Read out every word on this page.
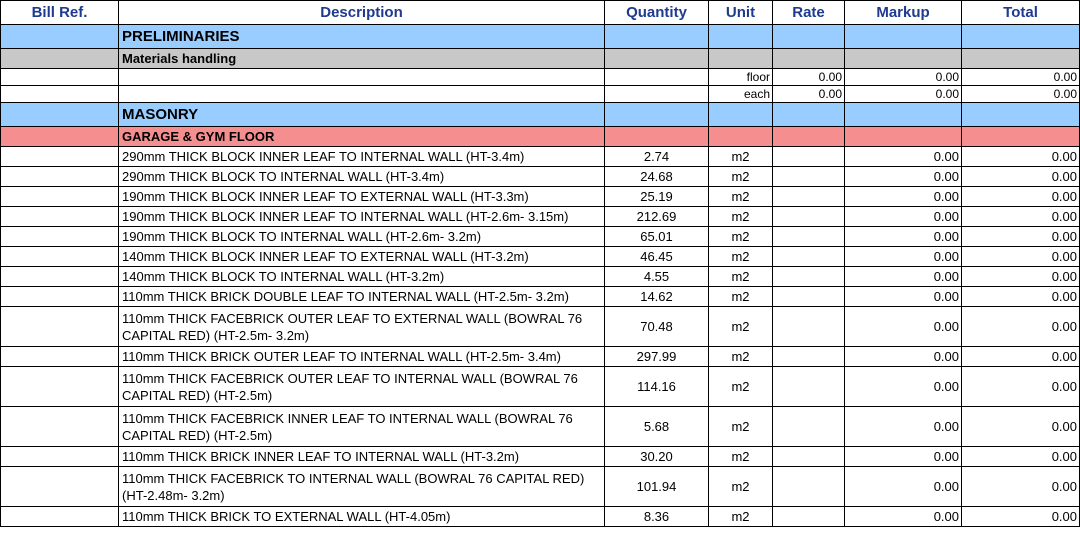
Bill Ref.	Description	Quantity	Unit	Rate	Markup	Total
	PRELIMINARIES					
	Materials handling					
			floor	0.00	0.00	0.00
			each	0.00	0.00	0.00
	MASONRY					
	GARAGE & GYM FLOOR					
	290mm THICK BLOCK INNER LEAF TO INTERNAL WALL (HT-3.4m)	2.74	m2		0.00	0.00
	290mm THICK BLOCK TO INTERNAL WALL (HT-3.4m)	24.68	m2		0.00	0.00
	190mm THICK BLOCK INNER LEAF TO EXTERNAL WALL (HT-3.3m)	25.19	m2		0.00	0.00
	190mm THICK BLOCK INNER LEAF TO INTERNAL WALL (HT-2.6m- 3.15m)	212.69	m2		0.00	0.00
	190mm THICK BLOCK TO INTERNAL WALL (HT-2.6m- 3.2m)	65.01	m2		0.00	0.00
	140mm THICK BLOCK INNER LEAF TO EXTERNAL WALL (HT-3.2m)	46.45	m2		0.00	0.00
	140mm THICK BLOCK TO INTERNAL WALL (HT-3.2m)	4.55	m2		0.00	0.00
	110mm THICK BRICK DOUBLE LEAF TO INTERNAL WALL (HT-2.5m- 3.2m)	14.62	m2		0.00	0.00
	110mm THICK FACEBRICK OUTER LEAF TO EXTERNAL WALL (BOWRAL 76 CAPITAL RED) (HT-2.5m- 3.2m)	70.48	m2		0.00	0.00
	110mm THICK BRICK OUTER LEAF TO INTERNAL WALL (HT-2.5m- 3.4m)	297.99	m2		0.00	0.00
	110mm THICK FACEBRICK OUTER LEAF TO INTERNAL WALL (BOWRAL 76 CAPITAL RED) (HT-2.5m)	114.16	m2		0.00	0.00
	110mm THICK FACEBRICK INNER LEAF TO INTERNAL WALL (BOWRAL 76 CAPITAL RED) (HT-2.5m)	5.68	m2		0.00	0.00
	110mm THICK BRICK INNER LEAF TO INTERNAL WALL (HT-3.2m)	30.20	m2		0.00	0.00
	110mm THICK FACEBRICK TO INTERNAL WALL (BOWRAL 76 CAPITAL RED) (HT-2.48m- 3.2m)	101.94	m2		0.00	0.00
	110mm THICK BRICK TO EXTERNAL WALL (HT-4.05m)	8.36	m2		0.00	0.00
